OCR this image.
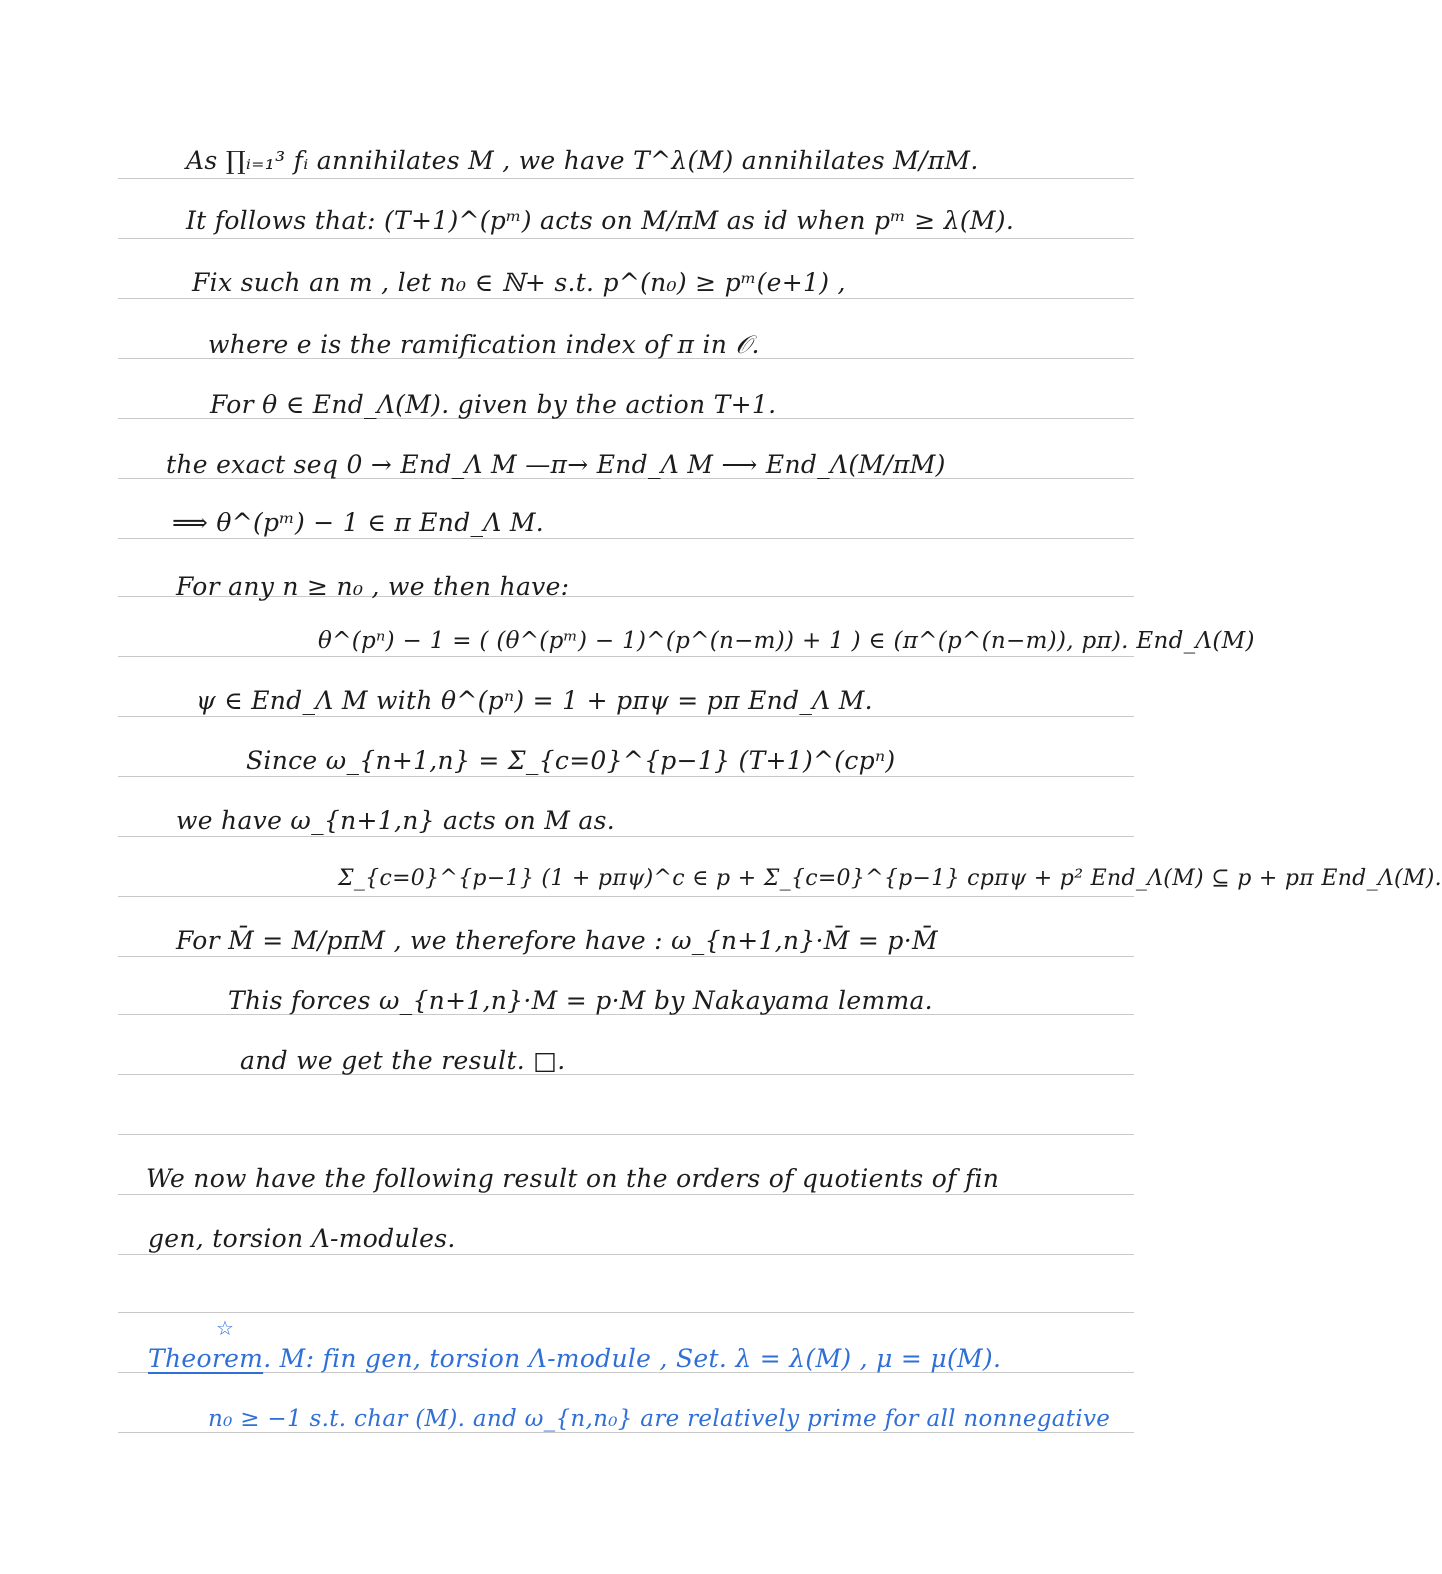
As ∏ᵢ₌₁³ fᵢ annihilates M , we have T^λ(M) annihilates M/πM.
It follows that: (T+1)^(pᵐ) acts on M/πM as id when pᵐ ≥ λ(M).
Fix such an m , let n₀ ∈ ℕ+ s.t. p^(n₀) ≥ pᵐ(e+1) ,
where e is the ramification index of π in 𝒪.
For θ ∈ End_Λ(M). given by the action T+1.
the exact seq 0 → End_Λ M —π→ End_Λ M ⟶ End_Λ(M/πM)
⟹ θ^(pᵐ) − 1 ∈ π End_Λ M.
For any n ≥ n₀ , we then have:
θ^(pⁿ) − 1 = ( (θ^(pᵐ) − 1)^(p^(n−m)) + 1 ) ∈ (π^(p^(n−m)), pπ). End_Λ(M)
ψ ∈ End_Λ M with θ^(pⁿ) = 1 + pπψ = pπ End_Λ M.
Since ω_{n+1,n} = Σ_{c=0}^{p−1} (T+1)^(cpⁿ)
we have ω_{n+1,n} acts on M as.
Σ_{c=0}^{p−1} (1 + pπψ)^c ∈ p + Σ_{c=0}^{p−1} cpπψ + p² End_Λ(M) ⊆ p + pπ End_Λ(M).
For M̄ = M/pπM , we therefore have : ω_{n+1,n}·M̄ = p·M̄
This forces ω_{n+1,n}·M = p·M by Nakayama lemma.
and we get the result. □.
We now have the following result on the orders of quotients of fin
gen, torsion Λ-modules.
☆
Theorem. M: fin gen, torsion Λ-module , Set. λ = λ(M) , μ = μ(M).
n₀ ≥ −1 s.t. char (M). and ω_{n,n₀} are relatively prime for all nonnegative
